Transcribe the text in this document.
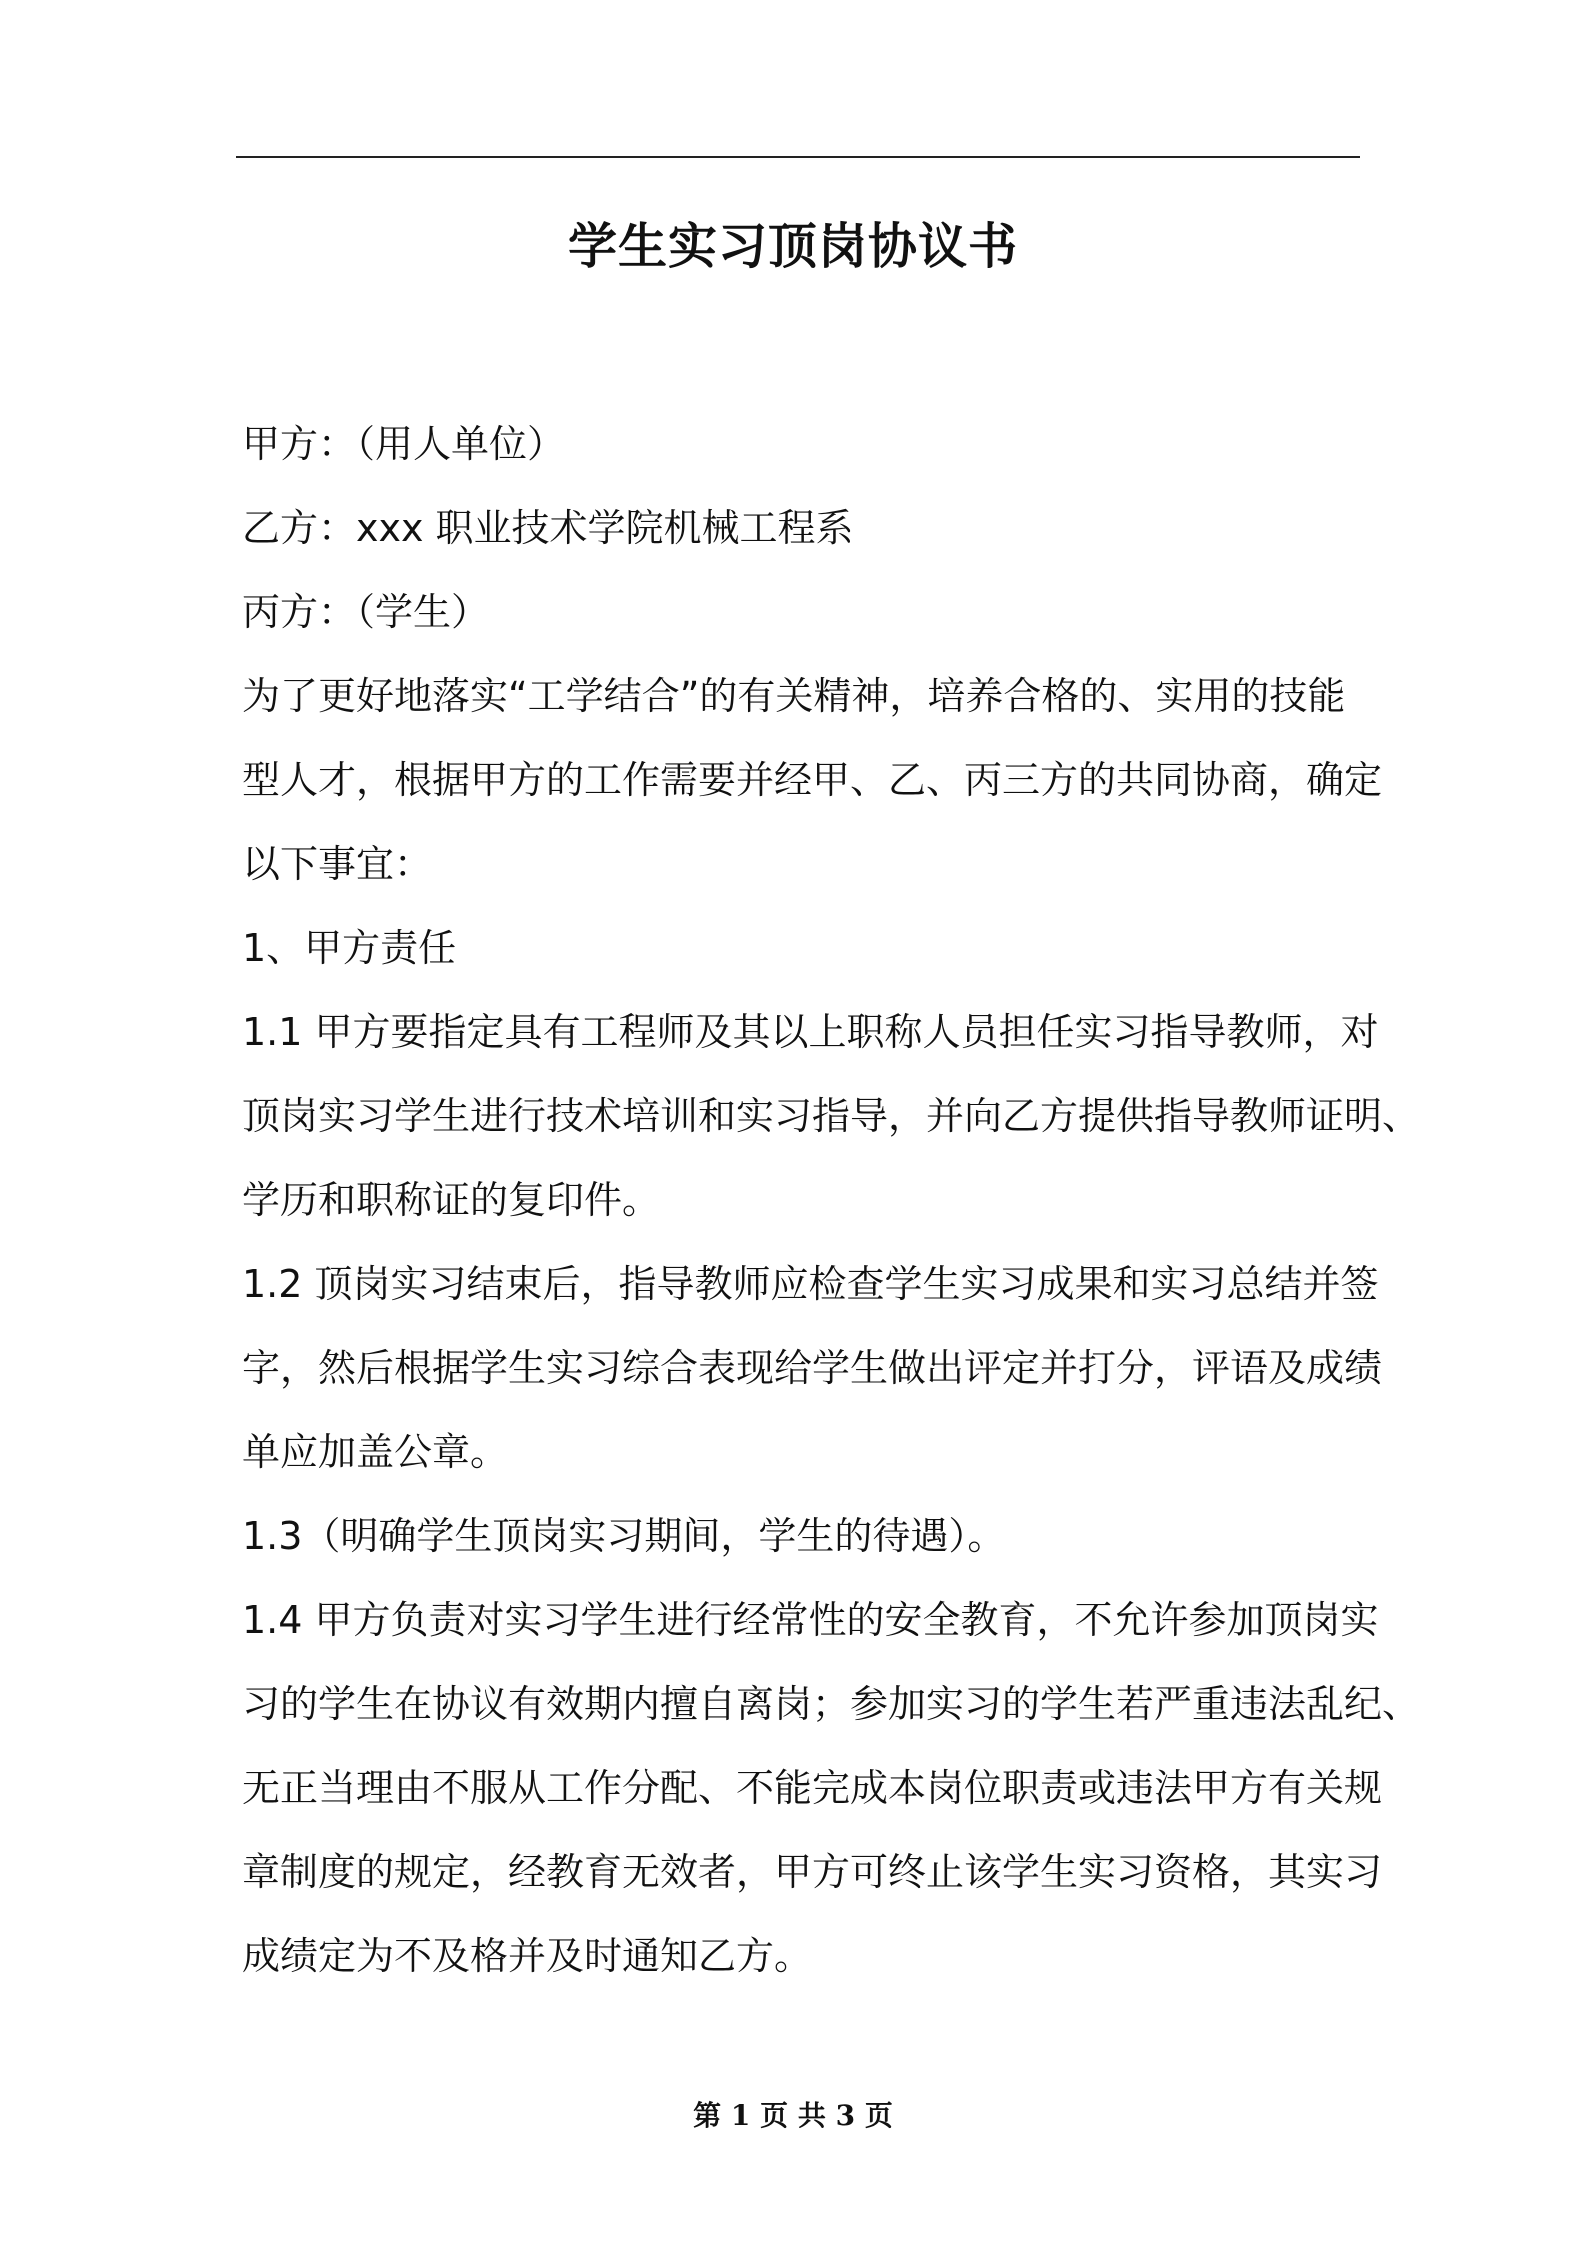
学生实习顶岗协议书
甲方：（用人单位）
乙方：xxx 职业技术学院机械工程系
丙方：（学生）
为了更好地落实“工学结合”的有关精神，培养合格的、实用的技能
型人才，根据甲方的工作需要并经甲、乙、丙三方的共同协商，确定
以下事宜：
1、甲方责任
1.1 甲方要指定具有工程师及其以上职称人员担任实习指导教师，对
顶岗实习学生进行技术培训和实习指导，并向乙方提供指导教师证明、
学历和职称证的复印件。
1.2 顶岗实习结束后，指导教师应检查学生实习成果和实习总结并签
字，然后根据学生实习综合表现给学生做出评定并打分，评语及成绩
单应加盖公章。
1.3（明确学生顶岗实习期间，学生的待遇）。
1.4 甲方负责对实习学生进行经常性的安全教育，不允许参加顶岗实
习的学生在协议有效期内擅自离岗；参加实习的学生若严重违法乱纪、
无正当理由不服从工作分配、不能完成本岗位职责或违法甲方有关规
章制度的规定，经教育无效者，甲方可终止该学生实习资格，其实习
成绩定为不及格并及时通知乙方。
第 1 页 共 3 页
